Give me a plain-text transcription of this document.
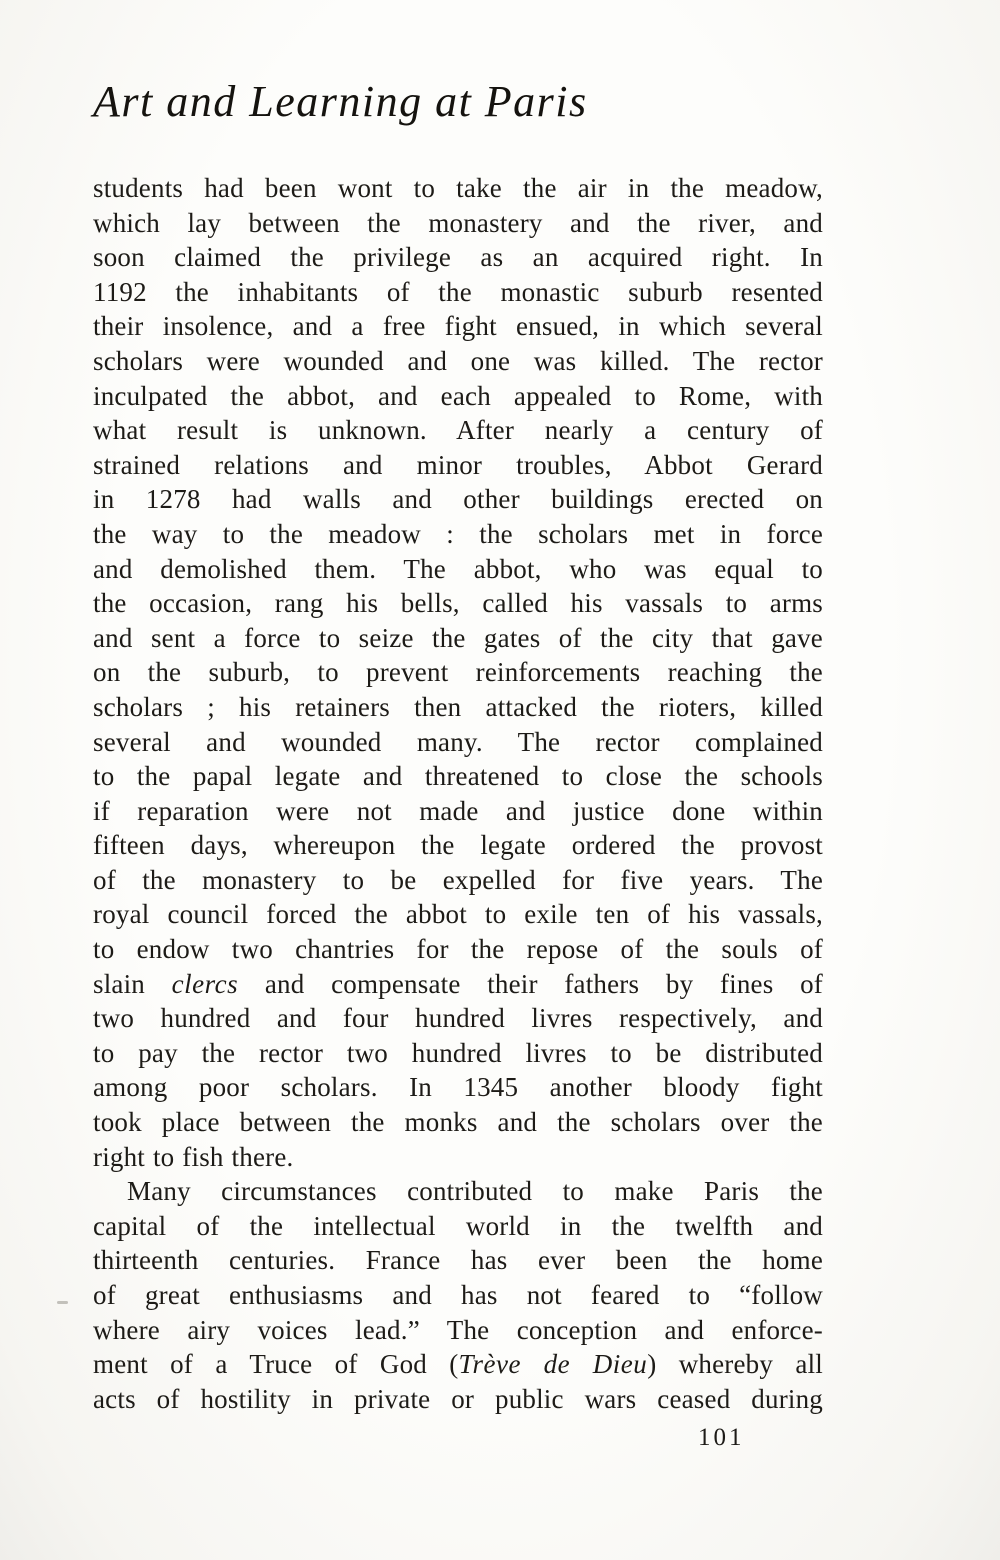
Art and Learning at Paris
students had been wont to take the air in the meadow,
which lay between the monastery and the river, and
soon claimed the privilege as an acquired right. In
1192 the inhabitants of the monastic suburb resented
their insolence, and a free fight ensued, in which several
scholars were wounded and one was killed. The rector
inculpated the abbot, and each appealed to Rome, with
what result is unknown. After nearly a century of
strained relations and minor troubles, Abbot Gerard
in 1278 had walls and other buildings erected on
the way to the meadow : the scholars met in force
and demolished them. The abbot, who was equal to
the occasion, rang his bells, called his vassals to arms
and sent a force to seize the gates of the city that gave
on the suburb, to prevent reinforcements reaching the
scholars ; his retainers then attacked the rioters, killed
several and wounded many. The rector complained
to the papal legate and threatened to close the schools
if reparation were not made and justice done within
fifteen days, whereupon the legate ordered the provost
of the monastery to be expelled for five years. The
royal council forced the abbot to exile ten of his vassals,
to endow two chantries for the repose of the souls of
slain clercs and compensate their fathers by fines of
two hundred and four hundred livres respectively, and
to pay the rector two hundred livres to be distributed
among poor scholars. In 1345 another bloody fight
took place between the monks and the scholars over the
right to fish there.
Many circumstances contributed to make Paris the
capital of the intellectual world in the twelfth and
thirteenth centuries. France has ever been the home
of great enthusiasms and has not feared to “follow
where airy voices lead.” The conception and enforce-
ment of a Truce of God (Trève de Dieu) whereby all
acts of hostility in private or public wars ceased during
101
